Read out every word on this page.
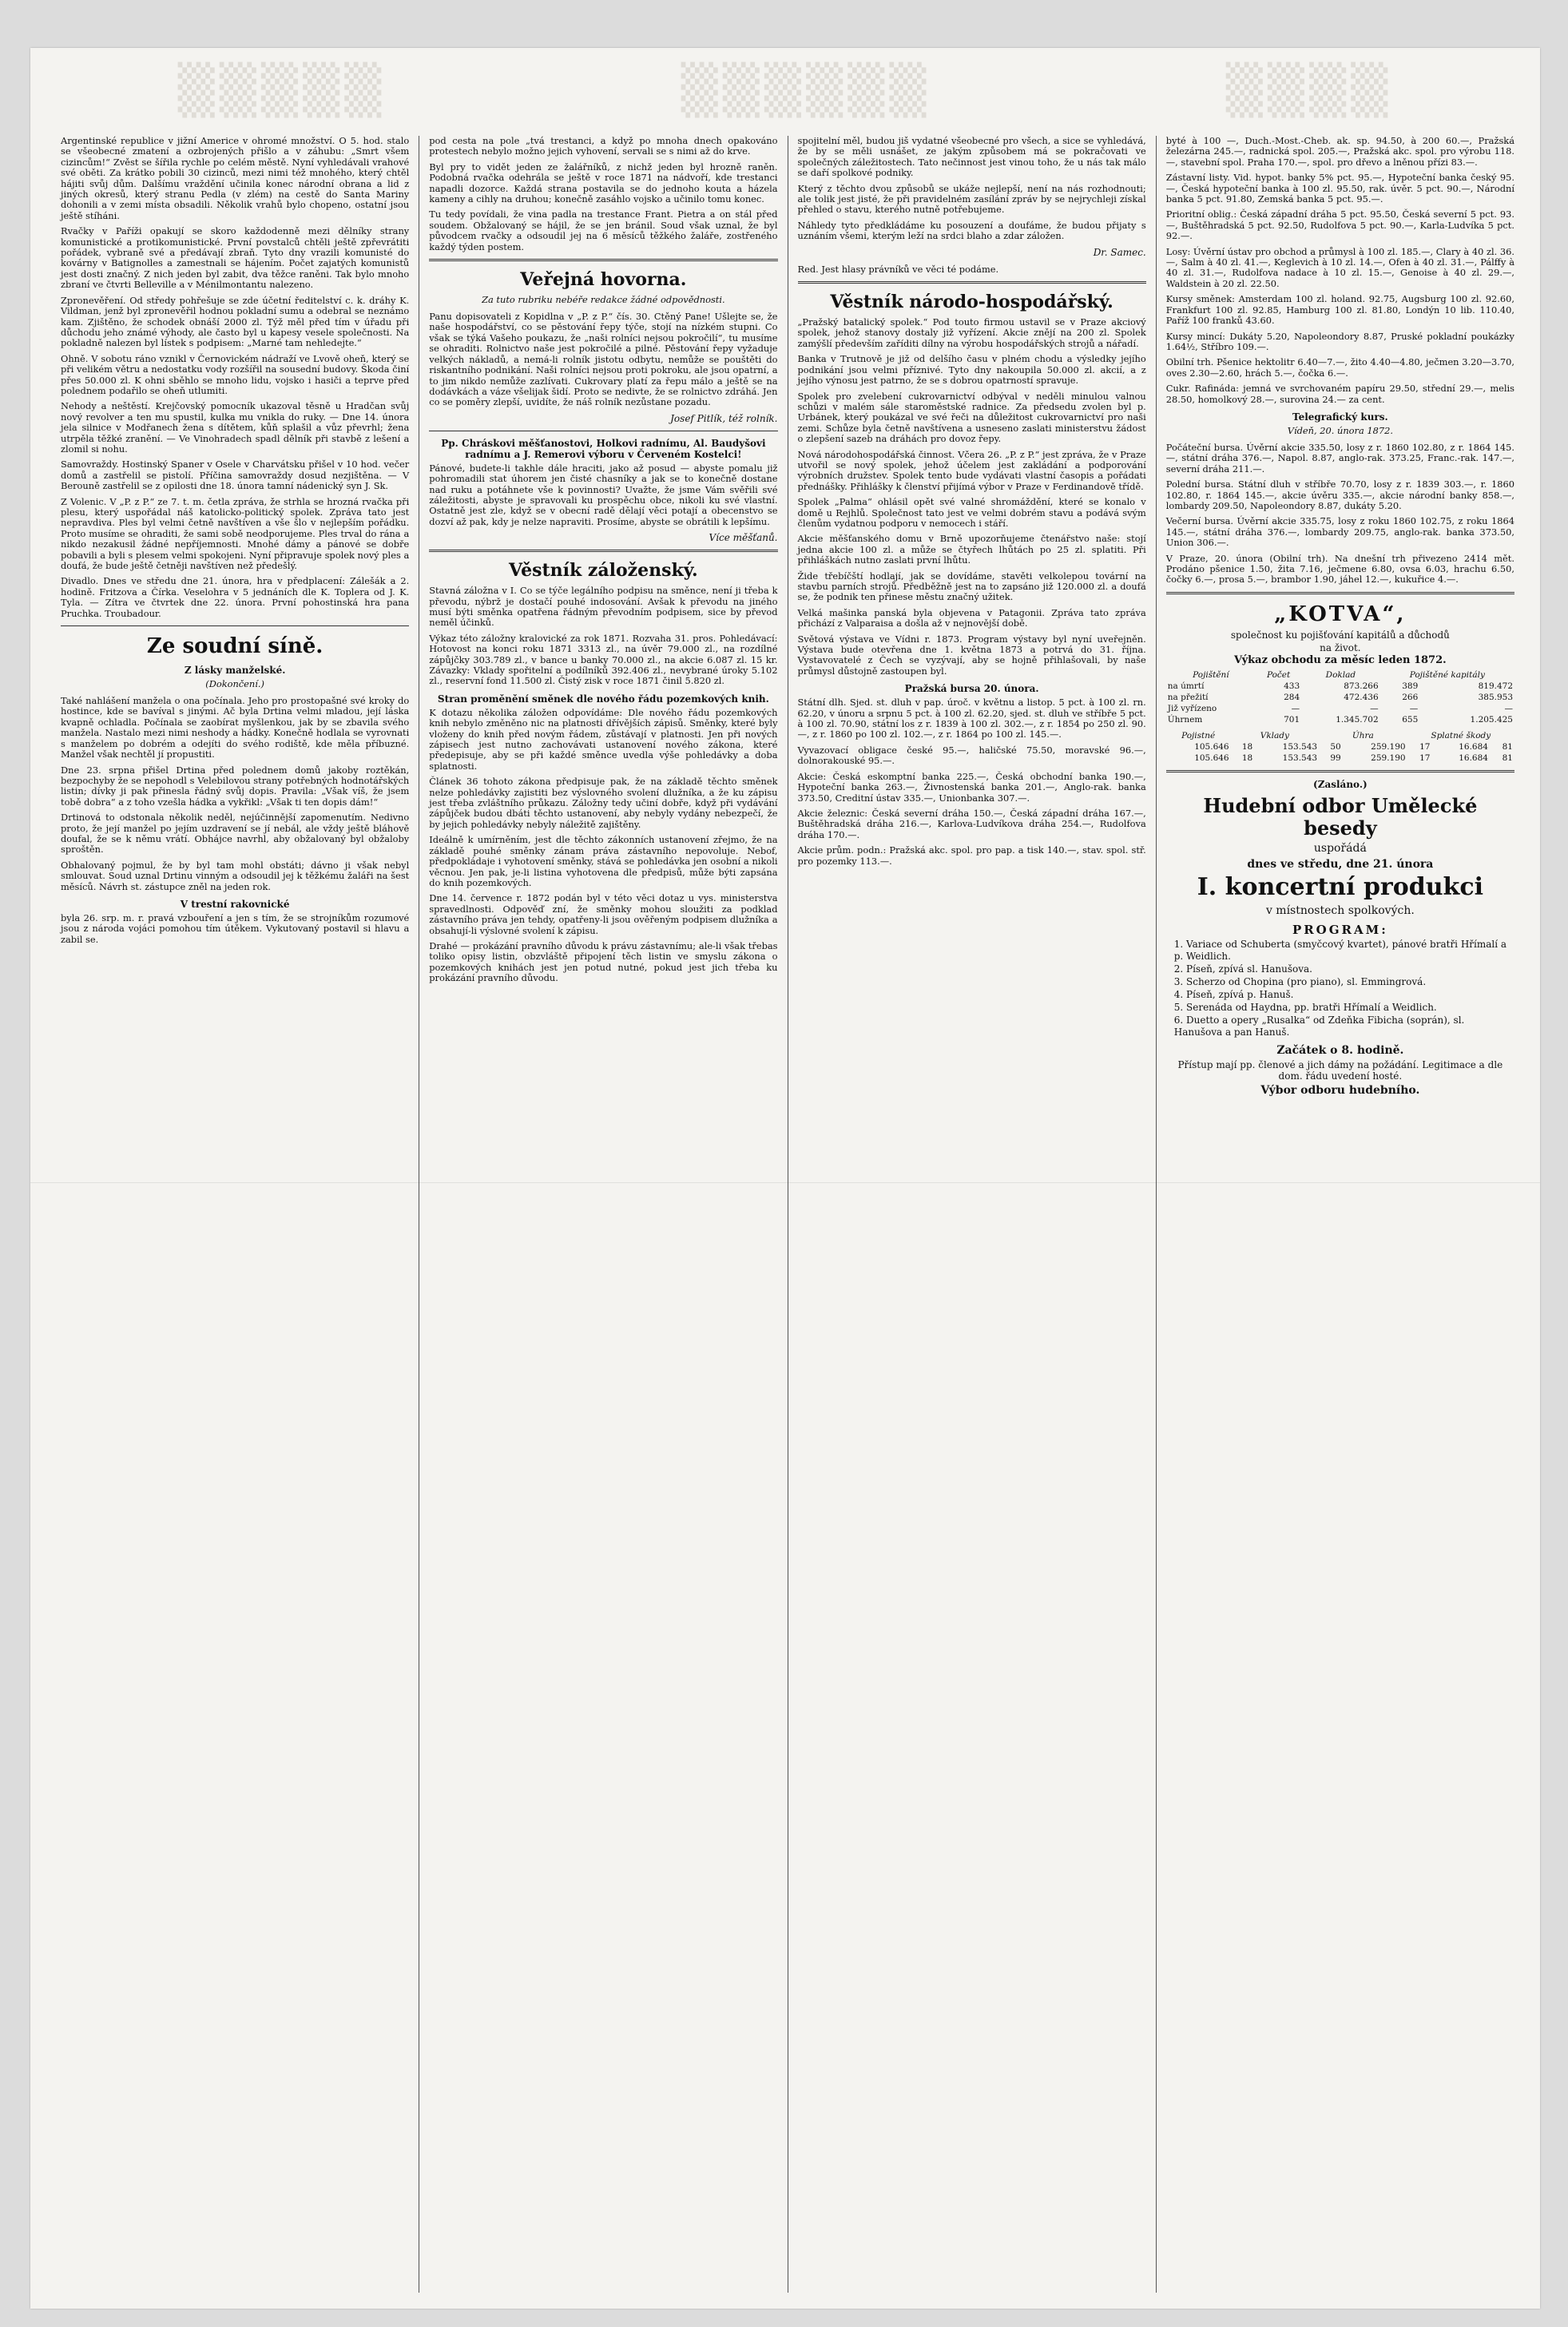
▒▒▒▒▒	▒▒▒▒▒▒	▒▒▒▒

Argentinské republice v jižní Americe v ohromé množství. O 5. hod. stalo se všeobecné zmatení a ozbrojených přišlo a v záhubu: „Smrt všem cizincům!“ Zvěst se šířila rychle po celém městě. Nyní vyhledávali vrahové své oběti. Za krátko pobili 30 cizinců, mezi nimi též mnohého, který chtěl hájiti svůj dům. Dalšímu vraždění učinila konec národní obrana a lid z jiných okresů, který stranu Pedla (v zlém) na cestě do Santa Mariny dohonili a v zemi místa obsadili. Několik vrahů bylo chopeno, ostatní jsou ještě stíháni.

Rvačky v Paříži opakují se skoro každodenně mezi dělníky strany komunistické a protikomunistické. První povstalců chtěli ještě zpřevrátiti pořádek, vybraně své a předávají zbraň. Tyto dny vrazili komunisté do kovárny v Batignolles a zamestnali se hájením. Počet zajatých komunistů jest dosti značný. Z nich jeden byl zabit, dva těžce raněni. Tak bylo mnoho zbraní ve čtvrti Belleville a v Ménilmontantu nalezeno.

Zpronevěření. Od středy pohřešuje se zde účetní ředitelství c. k. dráhy K. Vildman, jenž byl zpronevěřil hodnou pokladní sumu a odebral se neznámo kam. Zjištěno, že schodek obnáší 2000 zl. Týž měl před tím v úřadu při důchodu jeho známé výhody, ale často byl u kapesy vesele společnosti. Na pokladně nalezen byl lístek s podpisem: „Marné tam nehledejte.“

Ohně. V sobotu ráno vznikl v Černovickém nádraží ve Lvově oheň, který se při velikém větru a nedostatku vody rozšířil na sousední budovy. Škoda činí přes 50.000 zl. K ohni sběhlo se mnoho lidu, vojsko i hasiči a teprve před polednem podařilo se oheň utlumiti.

Nehody a neštěstí. Krejčovský pomocník ukazoval těsně u Hradčan svůj nový revolver a ten mu spustil, kulka mu vnikla do ruky. — Dne 14. února jela silnice v Modřanech žena s dítětem, kůň splašil a vůz převrhl; žena utrpěla těžké zranění. — Ve Vinohradech spadl dělník při stavbě z lešení a zlomil si nohu.

Samovraždy. Hostinský Spaner v Osele v Charvátsku přišel v 10 hod. večer domů a zastřelil se pistolí. Příčina samovraždy dosud nezjištěna. — V Berouně zastřelil se z opilosti dne 18. února tamní nádenický syn J. Sk.

Z Volenic. V „P. z P.“ ze 7. t. m. četla zpráva, že strhla se hrozná rvačka při plesu, který uspořádal náš katolicko-politický spolek. Zpráva tato jest nepravdiva. Ples byl velmi četně navštíven a vše šlo v nejlepším pořádku. Proto musíme se ohraditi, že sami sobě neodporujeme. Ples trval do rána a nikdo nezakusil žádné nepříjemnosti. Mnohé dámy a pánové se dobře pobavili a byli s plesem velmi spokojeni. Nyní připravuje spolek nový ples a doufá, že bude ještě četněji navštíven než předešlý.

Divadlo. Dnes ve středu dne 21. února, hra v předplacení: Zálešák a 2. hodině. Fritzova a Čírka. Veselohra v 5 jednáních dle K. Toplera od J. K. Tyla. — Zítra ve čtvrtek dne 22. února. První pohostinská hra pana Pruchka. Troubadour.

Ze soudní síně.
Z lásky manželské.
(Dokončení.)

Také nahlášení manžela o ona počínala. Jeho pro prostopašné své kroky do hostince, kde se bavíval s jinými. Ač byla Drtina velmi mladou, její láska kvapně ochladla. Počínala se zaobírat myšlenkou, jak by se zbavila svého manžela. Nastalo mezi nimi neshody a hádky. Konečně hodlala se vyrovnati s manželem po dobrém a odejíti do svého rodiště, kde měla příbuzné. Manžel však nechtěl jí propustiti.

Dne 23. srpna přišel Drtina před polednem domů jakoby roztěkán, bezpochyby že se nepohodl s Velebilovou strany potřebných hodnotářských listin; dívky ji pak přinesla řádný svůj dopis. Pravila: „Však víš, že jsem tobě dobra“ a z toho vzešla hádka a vykřikl: „Však ti ten dopis dám!“

Drtinová to odstonala několik neděl, nejúčinnější zapomenutím. Nedivno proto, že její manžel po jejím uzdravení se jí nebál, ale vždy ještě bláhově doufal, že se k němu vrátí. Obhájce navrhl, aby obžalovaný byl obžaloby sproštěn.

Obhalovaný pojmul, že by byl tam mohl obstáti; dávno ji však nebyl smlouvat. Soud uznal Drtinu vinným a odsoudil jej k těžkému žaláři na šest měsíců. Návrh st. zástupce zněl na jeden rok.

V trestní rakovnické

byla 26. srp. m. r. pravá vzbouření a jen s tím, že se strojníkům rozumové jsou z národa vojáci pomohou tím útěkem. Vykutovaný postavil si hlavu a zabil se.

pod cesta na pole „tvá trestanci, a když po mnoha dnech opakováno protestech nebylo možno jejich vyhovení, servali se s nimi až do krve.

Byl pry to vidět jeden ze žalářníků, z nichž jeden byl hrozně raněn. Podobná rvačka odehrála se ještě v roce 1871 na nádvoří, kde trestanci napadli dozorce. Každá strana postavila se do jednoho kouta a házela kameny a cihly na druhou; konečně zasáhlo vojsko a učinilo tomu konec.

Tu tedy povídali, že vina padla na trestance Frant. Pietra a on stál před soudem. Obžalovaný se hájil, že se jen bránil. Soud však uznal, že byl původcem rvačky a odsoudil jej na 6 měsíců těžkého žaláře, zostřeného každý týden postem.

Veřejná hovorna.
Za tuto rubriku nebéře redakce žádné odpovědnosti.

Panu dopisovateli z Kopidlna v „P. z P.“ čís. 30. Ctěný Pane! Ušlejte se, že naše hospodářství, co se pěstování řepy týče, stojí na nízkém stupni. Co však se týká Vašeho poukazu, že „naši rolníci nejsou pokročilí“, tu musíme se ohraditi. Rolnictvo naše jest pokročilé a pilné. Pěstování řepy vyžaduje velkých nákladů, a nemá-li rolník jistotu odbytu, nemůže se pouštěti do riskantního podnikání. Naši rolníci nejsou proti pokroku, ale jsou opatrní, a to jim nikdo nemůže zazlívati. Cukrovary platí za řepu málo a ještě se na dodávkách a váze všelijak šidí. Proto se nedivte, že se rolnictvo zdráhá. Jen co se poměry zlepší, uvidíte, že náš rolník nezůstane pozadu.

Josef Pitlík, též rolník.
Pp. Chráskovi měšťanostovi, Holkovi radnímu, Al. Baudyšovi radnímu a J. Remerovi výboru v Červeném Kostelci!

Pánové, budete-li takhle dále hraciti, jako až posud — abyste pomalu již pohromadili stat úhorem jen čisté chasníky a jak se to konečně dostane nad ruku a potáhnete vše k povinnosti? Uvažte, že jsme Vám svěřili své záležitosti, abyste je spravovali ku prospěchu obce, nikoli ku své vlastní. Ostatně jest zle, když se v obecní radě dělají věci potají a obecenstvo se dozví až pak, kdy je nelze napraviti. Prosíme, abyste se obrátili k lepšímu.

Více měšťanů.
Věstník záloženský.

Stavná záložna v I. Co se týče legálního podpisu na směnce, není ji třeba k převodu, nýbrž je dostačí pouhé indosování. Avšak k převodu na jiného musí býti směnka opatřena řádným převodním podpisem, sice by převod neměl účinků.

Výkaz této záložny kralovické za rok 1871. Rozvaha 31. pros. Pohledávací: Hotovost na konci roku 1871 3313 zl., na úvěr 79.000 zl., na rozdílné zápůjčky 303.789 zl., v bance u banky 70.000 zl., na akcie 6.087 zl. 15 kr. Závazky: Vklady spořitelní a podílníků 392.406 zl., nevybrané úroky 5.102 zl., reservní fond 11.500 zl. Čistý zisk v roce 1871 činil 5.820 zl.

Stran proměnění směnek dle nového řádu pozemkových knih.

K dotazu několika záložen odpovídáme: Dle nového řádu pozemkových knih nebylo změněno nic na platnosti dřívějších zápisů. Směnky, které byly vloženy do knih před novým řádem, zůstávají v platnosti. Jen při nových zápisech jest nutno zachovávati ustanovení nového zákona, které předepisuje, aby se při každé směnce uvedla výše pohledávky a doba splatnosti.

Článek 36 tohoto zákona předpisuje pak, že na základě těchto směnek nelze pohledávky zajistiti bez výslovného svolení dlužníka, a že ku zápisu jest třeba zvláštního průkazu. Záložny tedy učiní dobře, když při vydávání zápůjček budou dbáti těchto ustanovení, aby nebyly vydány nebezpečí, že by jejich pohledávky nebyly náležitě zajištěny.

Ideálně k umírněním, jest dle těchto zákonních ustanovení zřejmo, že na základě pouhé směnky zánam práva zástavního nepovoluje. Nebof, předpokládaje i vyhotovení směnky, stává se pohledávka jen osobní a nikoli věcnou. Jen pak, je-li listina vyhotovena dle předpisů, může býti zapsána do knih pozemkových.

Dne 14. července r. 1872 podán byl v této věci dotaz u vys. ministerstva spravedlnosti. Odpověď zní, že směnky mohou sloužiti za podklad zástavního práva jen tehdy, opatřeny-li jsou ověřeným podpisem dlužníka a obsahují-li výslovné svolení k zápisu.

Drahé — prokázání pravního důvodu k právu zástavnímu; ale-li však třebas toliko opisy listin, obzvláště připojení těch listin ve smyslu zákona o pozemkových knihách jest jen potud nutné, pokud jest jich třeba ku prokázání pravního důvodu.

spojitelní měl, budou jiš vydatné všeobecné pro všech, a sice se vyhledává, že by se měli usnášet, ze jakým způsobem má se pokračovati ve společných záležitostech. Tato nečinnost jest vinou toho, že u nás tak málo se daří spolkové podniky.

Který z těchto dvou způsobů se ukáže nejlepší, není na nás rozhodnouti; ale tolik jest jisté, že při pravidelném zasílání zpráv by se nejrychleji získal přehled o stavu, kterého nutně potřebujeme.

Náhledy tyto předkládáme ku posouzení a doufáme, že budou přijaty s uznáním všemi, kterým leží na srdci blaho a zdar záložen.

Dr. Samec.

Red. Jest hlasy právníků ve věci té podáme.

Věstník národo-hospodářský.

„Pražský batalický spolek.“ Pod touto firmou ustavil se v Praze akciový spolek, jehož stanovy dostaly již vyřízení. Akcie znějí na 200 zl. Spolek zamýšlí především zaříditi dílny na výrobu hospodářských strojů a nářadí.

Banka v Trutnově je již od delšího času v plném chodu a výsledky jejího podnikání jsou velmi příznivé. Tyto dny nakoupila 50.000 zl. akcií, a z jejího výnosu jest patrno, že se s dobrou opatrností spravuje.

Spolek pro zvelebení cukrovarnictví odbýval v neděli minulou valnou schůzi v malém sále staroměstské radnice. Za předsedu zvolen byl p. Urbánek, který poukázal ve své řeči na důležitost cukrovarnictví pro naši zemi. Schůze byla četně navštívena a usneseno zaslati ministerstvu žádost o zlepšení sazeb na dráhách pro dovoz řepy.

Nová národohospodářská činnost. Včera 26. „P. z P.“ jest zpráva, že v Praze utvořil se nový spolek, jehož účelem jest zakládání a podporování výrobních družstev. Spolek tento bude vydávati vlastní časopis a pořádati přednášky. Přihlášky k členství přijímá výbor v Praze v Ferdinandově třídě.

Spolek „Palma“ ohlásil opět své valné shromáždění, které se konalo v domě u Rejhlů. Společnost tato jest ve velmi dobrém stavu a podává svým členům vydatnou podporu v nemocech i stáří.

Akcie měšťanského domu v Brně upozorňujeme čtenářstvo naše: stojí jedna akcie 100 zl. a může se čtyřech lhůtách po 25 zl. splatiti. Při přihláškách nutno zaslati první lhůtu.

Žide třebíčští hodlají, jak se dovídáme, stavěti velkolepou tovární na stavbu parních strojů. Předběžně jest na to zapsáno již 120.000 zl. a doufá se, že podnik ten přinese městu značný užitek.

Velká mašinka panská byla objevena v Patagonii. Zpráva tato zpráva přichází z Valparaisa a došla až v nejnovější době.

Světová výstava ve Vídni r. 1873. Program výstavy byl nyní uveřejněn. Výstava bude otevřena dne 1. května 1873 a potrvá do 31. října. Vystavovatelé z Čech se vyzývají, aby se hojně přihlašovali, by naše průmysl důstojně zastoupen byl.

Pražská bursa 20. února.

Státní dlh. Sjed. st. dluh v pap. úroč. v květnu a listop. 5 pct. à 100 zl. rn. 62.20, v únoru a srpnu 5 pct. à 100 zl. 62.20, sjed. st. dluh ve stříbře 5 pct. à 100 zl. 70.90, státní los z r. 1839 à 100 zl. 302.—, z r. 1854 po 250 zl. 90.—, z r. 1860 po 100 zl. 102.—, z r. 1864 po 100 zl. 145.—.

Vyvazovací obligace české 95.—, haličské 75.50, moravské 96.—, dolnorakouské 95.—.

Akcie: Česká eskomptní banka 225.—, Česká obchodní banka 190.—, Hypoteční banka 263.—, Živnostenská banka 201.—, Anglo-rak. banka 373.50, Creditní ústav 335.—, Unionbanka 307.—.

Akcie železnic: Česká severní dráha 150.—, Česká západní dráha 167.—, Buštěhradská dráha 216.—, Karlova-Ludvíkova dráha 254.—, Rudolfova dráha 170.—.

Akcie prům. podn.: Pražská akc. spol. pro pap. a tisk 140.—, stav. spol. stř. pro pozemky 113.—.

byté à 100 —, Duch.-Most.-Cheb. ak. sp. 94.50, à 200 60.—, Pražská železárna 245.—, radnická spol. 205.—, Pražská akc. spol. pro výrobu 118.—, stavební spol. Praha 170.—, spol. pro dřevo a lněnou přízi 83.—.

Zástavní listy. Vid. hypot. banky 5% pct. 95.—, Hypoteční banka český 95.—, Česká hypoteční banka à 100 zl. 95.50, rak. úvěr. 5 pct. 90.—, Národní banka 5 pct. 91.80, Zemská banka 5 pct. 95.—.

Prioritní oblig.: Česká západní dráha 5 pct. 95.50, Česká severní 5 pct. 93.—, Buštěhradská 5 pct. 92.50, Rudolfova 5 pct. 90.—, Karla-Ludvíka 5 pct. 92.—.

Losy: Úvěrní ústav pro obchod a průmysl à 100 zl. 185.—, Clary à 40 zl. 36.—, Salm à 40 zl. 41.—, Keglevich à 10 zl. 14.—, Ofen à 40 zl. 31.—, Pálffy à 40 zl. 31.—, Rudolfova nadace à 10 zl. 15.—, Genoise à 40 zl. 29.—, Waldstein à 20 zl. 22.50.

Kursy směnek: Amsterdam 100 zl. holand. 92.75, Augsburg 100 zl. 92.60, Frankfurt 100 zl. 92.85, Hamburg 100 zl. 81.80, Londýn 10 lib. 110.40, Paříž 100 franků 43.60.

Kursy mincí: Dukáty 5.20, Napoleondory 8.87, Pruské pokladní poukázky 1.64½, Stříbro 109.—.

Obilní trh. Pšenice hektolitr 6.40—7.—, žito 4.40—4.80, ječmen 3.20—3.70, oves 2.30—2.60, hrách 5.—, čočka 6.—.

Cukr. Rafináda: jemná ve svrchovaném papíru 29.50, střední 29.—, melis 28.50, homolkový 28.—, surovina 24.— za cent.

Telegrafický kurs.
Vídeň, 20. února 1872.

Počáteční bursa. Úvěrní akcie 335.50, losy z r. 1860 102.80, z r. 1864 145.—, státní dráha 376.—, Napol. 8.87, anglo-rak. 373.25, Franc.-rak. 147.—, severní dráha 211.—.

Polední bursa. Státní dluh v stříbře 70.70, losy z r. 1839 303.—, r. 1860 102.80, r. 1864 145.—, akcie úvěru 335.—, akcie národní banky 858.—, lombardy 209.50, Napoleondory 8.87, dukáty 5.20.

Večerní bursa. Úvěrní akcie 335.75, losy z roku 1860 102.75, z roku 1864 145.—, státní dráha 376.—, lombardy 209.75, anglo-rak. banka 373.50, Union 306.—.

V Praze, 20. února (Obilní trh). Na dnešní trh přivezeno 2414 mět. Prodáno pšenice 1.50, žita 7.16, ječmene 6.80, ovsa 6.03, hrachu 6.50, čočky 6.—, prosa 5.—, brambor 1.90, jáhel 12.—, kukuřice 4.—.

„KOTVA“,
společnost ku pojišťování kapitálů a důchodů
na život.
Výkaz obchodu za měsíc leden 1872.
Pojištění	Počet	Doklad	Pojištěné kapitály	
na úmrtí	433	873.266	389	819.472
na přežití	284	472.436	266	385.953
Již vyřízeno	—	—	—	—
Úhrnem	701	1.345.702	655	1.205.425
Pojistné	Vklady		Úhra		Splatné škody		
105.646	18	153.543	50	259.190	17	16.684	81
105.646	18	153.543	99	259.190	17	16.684	81
(Zasláno.)
Hudební odbor Umělecké besedy
uspořádá
dnes ve středu, dne 21. února
I. koncertní produkci
v místnostech spolkových.
PROGRAM:
1. Variace od Schuberta (smyčcový kvartet), pánové bratři Hřímalí a p. Weidlich.
2. Píseň, zpívá sl. Hanušova.
3. Scherzo od Chopina (pro piano), sl. Emmingrová.
4. Píseň, zpívá p. Hanuš.
5. Serenáda od Haydna, pp. bratři Hřímalí a Weidlich.
6. Duetto a opery „Rusalka“ od Zdeňka Fibicha (soprán), sl. Hanušova a pan Hanuš.
Začátek o 8. hodině.
Přístup mají pp. členové a jich dámy na požádání. Legitimace a dle dom. řádu uvedení hosté.
Výbor odboru hudebního.
